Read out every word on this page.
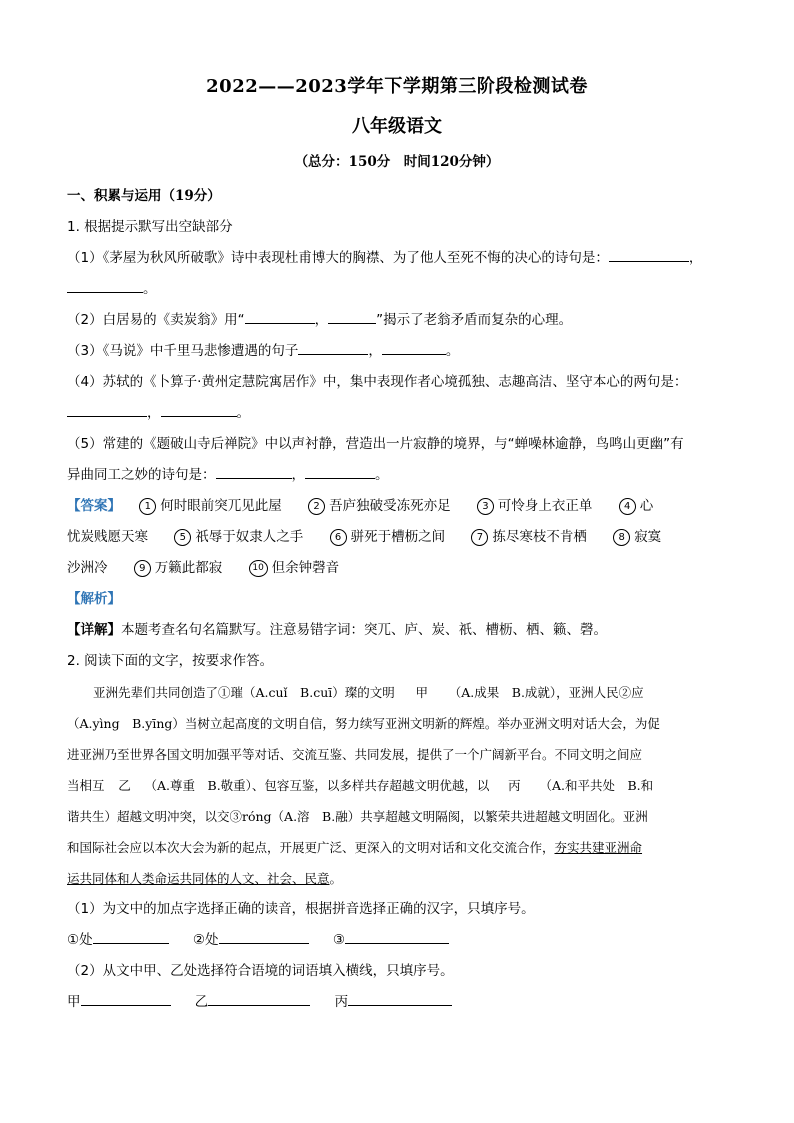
2022——2023学年下学期第三阶段检测试卷
八年级语文
（总分：150分　时间120分钟）
一、积累与运用（19分）
1. 根据提示默写出空缺部分
（1）《茅屋为秋风所破歌》诗中表现杜甫博大的胸襟、为了他人至死不悔的决心的诗句是：	，
。
（2）白居易的《卖炭翁》用“	，	”揭示了老翁矛盾而复杂的心理。
（3）《马说》中千里马悲惨遭遇的句子	，	。
（4）苏轼的《卜算子·黄州定慧院寓居作》中，集中表现作者心境孤独、志趣高洁、坚守本心的两句是：
，	。
（5）常建的《题破山寺后禅院》中以声衬静，营造出一片寂静的境界，与“蝉噪林逾静，鸟鸣山更幽”有
异曲同工之妙的诗句是：	，	。
【答案】 1 何时眼前突兀见此屋	2 吾庐独破受冻死亦足	3 可怜身上衣正单	4 心
忧炭贱愿天寒	5 祇辱于奴隶人之手	6 骈死于槽枥之间	7 拣尽寒枝不肯栖	8 寂寞
沙洲冷	9 万籁此都寂	10 但余钟磬音
【解析】
【详解】本题考查名句名篇默写。注意易错字词：突兀、庐、炭、祇、槽枥、栖、籁、磬。
2. 阅读下面的文字，按要求作答。
亚洲先辈们共同创造了①璀（A.cuǐ　B.cuī）璨的文明 甲 （A.成果　B.成就），亚洲人民②应
（A.yìng　B.yīng）当树立起高度的文明自信，努力续写亚洲文明新的辉煌。举办亚洲文明对话大会，为促
进亚洲乃至世界各国文明加强平等对话、交流互鉴、共同发展，提供了一个广阔新平台。不同文明之间应
当相互 乙 （A.尊重　B.敬重）、包容互鉴，以多样共存超越文明优越，以 丙 （A.和平共处　B.和
谐共生）超越文明冲突，以交③róng（A.溶　B.融）共享超越文明隔阂，以繁荣共进超越文明固化。亚洲
和国际社会应以本次大会为新的起点，开展更广泛、更深入的文明对话和文化交流合作，夯实共建亚洲命
运共同体和人类命运共同体的人文、社会、民意。
（1）为文中的加点字选择正确的读音，根据拼音选择正确的汉字，只填序号。
①处	②处	③
（2）从文中甲、乙处选择符合语境的词语填入横线，只填序号。
甲	乙	丙
